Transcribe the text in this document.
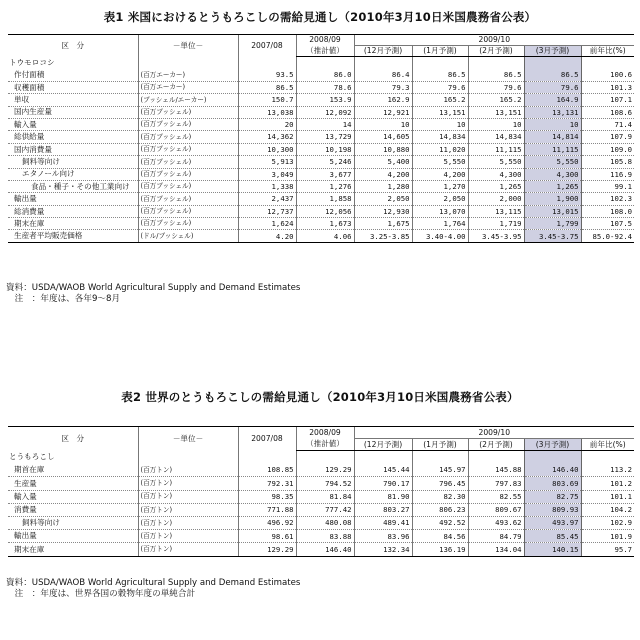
表1 米国におけるとうもろこしの需給見通し（2010年3月10日米国農務省公表）
区　分	－単位－	2007/08	2008/09	2009/10				
			（推計値）	(12月予測)	(1月予測)	(2月予測)	(3月予測)	前年比(%)
トウモロコシ								
作付面積	(百万エーカー)	93.5	86.0	86.4	86.5	86.5	86.5	100.6
収穫面積	(百万エーカー)	86.5	78.6	79.3	79.6	79.6	79.6	101.3
単収	(ブッシェル/エーカー)	150.7	153.9	162.9	165.2	165.2	164.9	107.1
国内生産量	(百万ブッシェル)	13,038	12,092	12,921	13,151	13,151	13,131	108.6
輸入量	(百万ブッシェル)	20	14	10	10	10	10	71.4
総供給量	(百万ブッシェル)	14,362	13,729	14,605	14,834	14,834	14,814	107.9
国内消費量	(百万ブッシェル)	10,300	10,198	10,880	11,020	11,115	11,115	109.0
飼料等向け	(百万ブッシェル)	5,913	5,246	5,400	5,550	5,550	5,550	105.8
エタノール向け	(百万ブッシェル)	3,049	3,677	4,200	4,200	4,300	4,300	116.9
食品・種子・その他工業向け	(百万ブッシェル)	1,338	1,276	1,280	1,270	1,265	1,265	99.1
輸出量	(百万ブッシェル)	2,437	1,858	2,050	2,050	2,000	1,900	102.3
総消費量	(百万ブッシェル)	12,737	12,056	12,930	13,070	13,115	13,015	108.0
期末在庫	(百万ブッシェル)	1,624	1,673	1,675	1,764	1,719	1,799	107.5
生産者平均販売価格	(ドル/ブッシェル)	4.20	4.06	3.25-3.85	3.40-4.00	3.45-3.95	3.45-3.75	85.0-92.4
資料：USDA/WAOB World Agricultural Supply and Demand Estimates
　注　：年度は、各年9～8月
表2 世界のとうもろこしの需給見通し（2010年3月10日米国農務省公表）
区　分	－単位－	2007/08	2008/09	2009/10				
			（推計値）	(12月予測)	(1月予測)	(2月予測)	(3月予測)	前年比(%)
とうもろこし								
期首在庫	(百万トン)	108.85	129.29	145.44	145.97	145.88	146.40	113.2
生産量	(百万トン)	792.31	794.52	790.17	796.45	797.83	803.69	101.2
輸入量	(百万トン)	98.35	81.84	81.90	82.30	82.55	82.75	101.1
消費量	(百万トン)	771.88	777.42	803.27	806.23	809.67	809.93	104.2
飼料等向け	(百万トン)	496.92	480.08	489.41	492.52	493.62	493.97	102.9
輸出量	(百万トン)	98.61	83.88	83.96	84.56	84.79	85.45	101.9
期末在庫	(百万トン)	129.29	146.40	132.34	136.19	134.04	140.15	95.7
資料：USDA/WAOB World Agricultural Supply and Demand Estimates
　注　：年度は、世界各国の穀物年度の単純合計
